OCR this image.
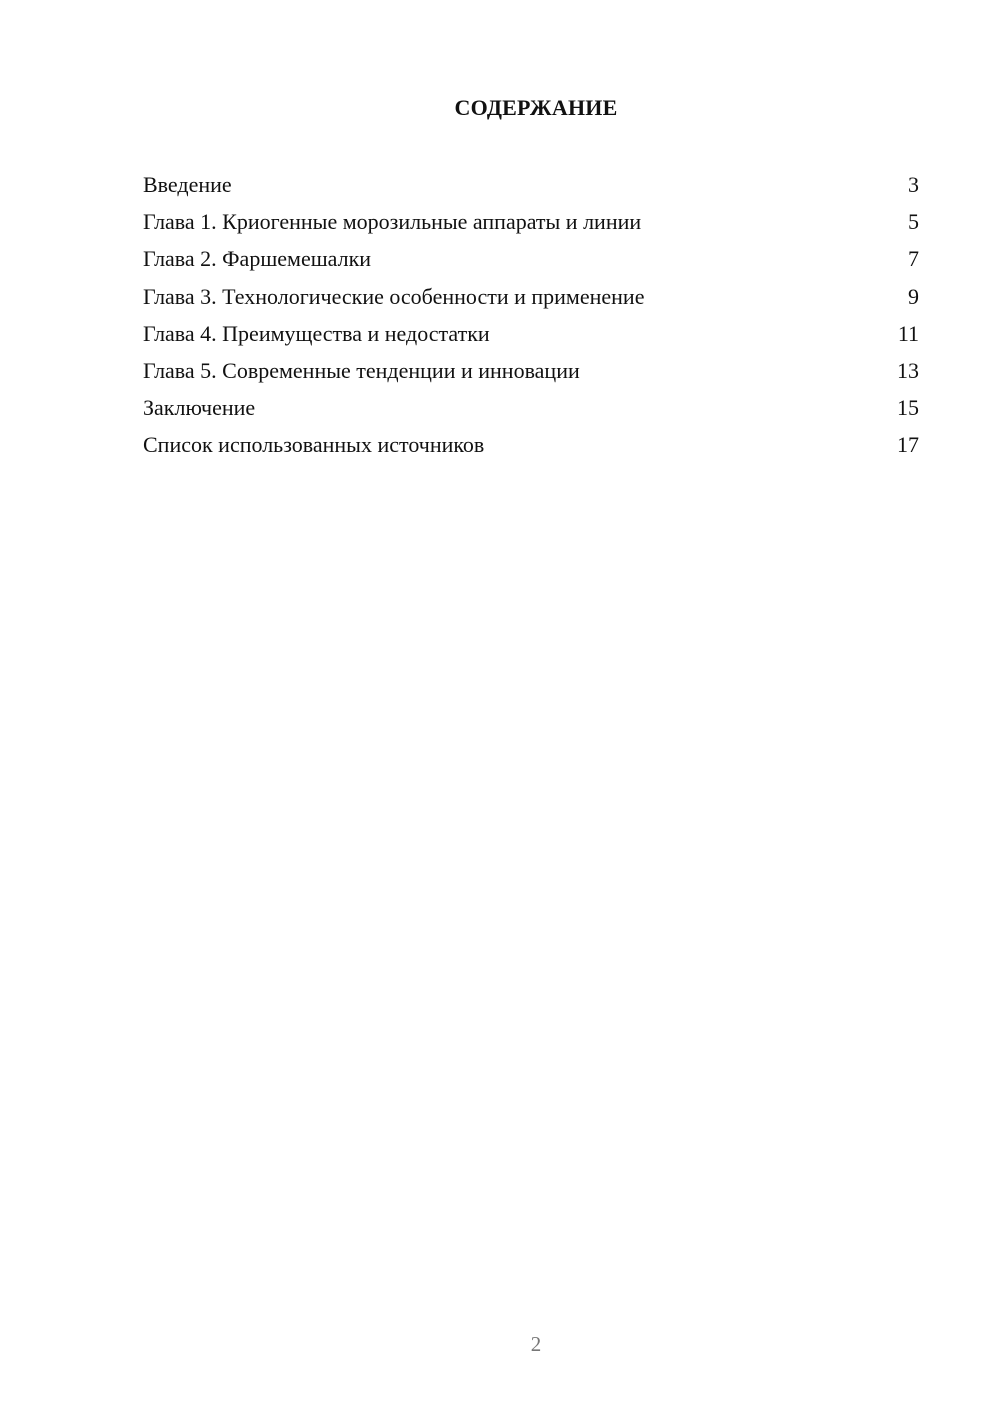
СОДЕРЖАНИЕ
Введение	3
Глава 1. Криогенные морозильные аппараты и линии	5
Глава 2. Фаршемешалки	7
Глава 3. Технологические особенности и применение	9
Глава 4. Преимущества и недостатки	11
Глава 5. Современные тенденции и инновации	13
Заключение	15
Список использованных источников	17
2
